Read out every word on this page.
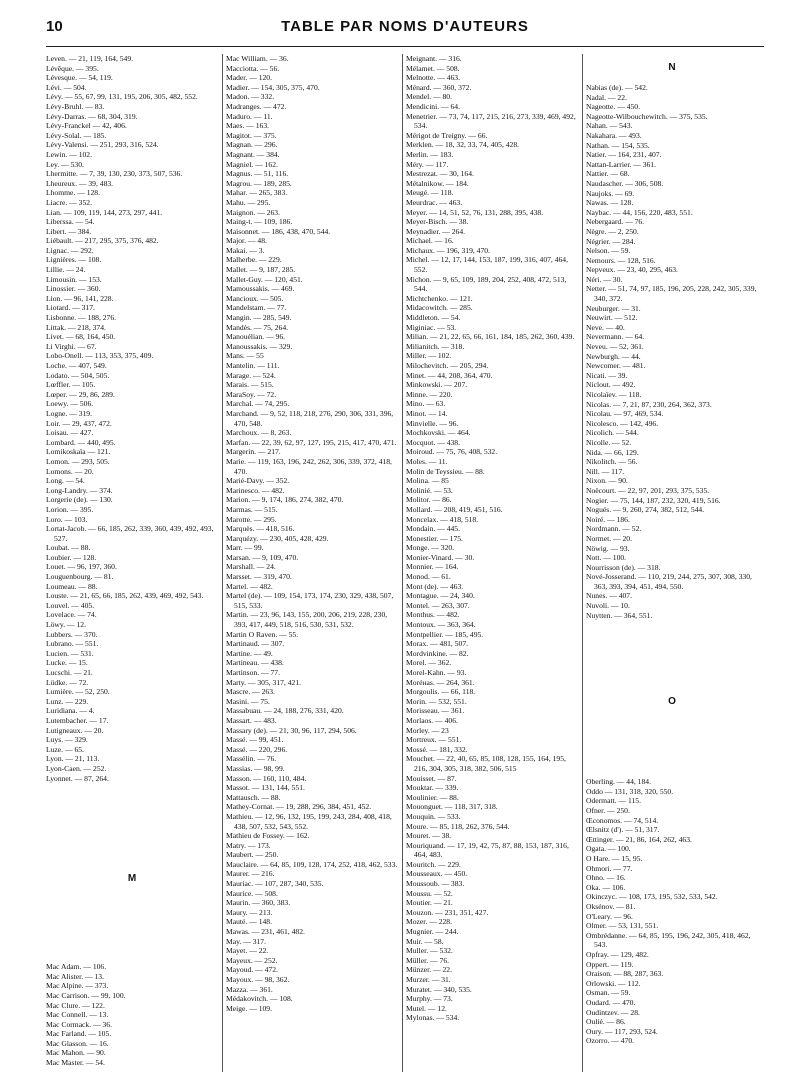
10	TABLE PAR NOMS D'AUTEURS
Leven. — 21, 119, 164, 549.
Lévêque. — 395.
Lévesque. — 54, 119.
Lévi. — 504.
Lévy. — 55, 67, 99, 131, 195, 206, 305, 482, 552.
Lévy-Bruhl. — 83.
Lévy-Darras. — 68, 304, 319.
Lévy-Franckel — 42, 406.
Lévy-Solal. — 185.
Lévy-Valensi. — 251, 293, 316, 524.
Lewin. — 102.
Ley. — 530.
Lhermitte. — 7, 39, 130, 230, 373, 507, 536.
Lheureux. — 39, 483.
Lhomme. — 128.
Liacre. — 352.
Lian. — 109, 119, 144, 273, 297, 441.
Liberssa. — 54.
Libert. — 384.
Liébault. — 217, 295, 375, 376, 482.
Lignac. — 292.
Lignières. — 108.
Lillie. — 24.
Limousin. — 153.
Linossier. — 360.
Lion. — 96, 141, 228.
Liotard. — 317.
Lisbonne. — 188, 276.
Littak. — 218, 374.
Livet. — 68, 164, 450.
Li Virghi. — 67.
Lobo-Onell. — 113, 353, 375, 409.
Loche. — 407, 549.
Lodato. — 504, 505.
Lœffler. — 105.
Lœper. — 29, 86, 289.
Loewy. — 506.
Logne. — 319.
Loir. — 29, 437, 472.
Loisau. — 427.
Lombard. — 440, 495.
Lomikoskaïa — 121.
Lomon. — 293, 505.
Lomons. — 20.
Long. — 54.
Long-Landry. — 374.
Lorgerie (de). — 130.
Lorion. — 395.
Loro. — 103.
Lortat-Jacob. — 66, 185, 262, 339, 360, 439, 492, 493, 527.
Loubat. — 88.
Loubier. — 128.
Louet. — 96, 197, 360.
Louguenbourg. — 81.
Loumeau. — 88.
Louste. — 21, 65, 66, 185, 262, 439, 469, 492, 543.
Louvel. — 405.
Lovelace. — 74.
Löwy. — 12.
Lubbers. — 370.
Lubrano. — 551.
Lucien. — 531.
Lucke. — 15.
Lucschi. — 21.
Lüdke. — 72.
Lumière. — 52, 250.
Lunz. — 229.
Luridiana. — 4.
Lutembacher. — 17.
Lutigneaux. — 20.
Luys. — 329.
Luze. — 65.
Lyon. — 21, 113.
Lyon-Caen. — 252.
Lyonnet. — 87, 264.
M
Mac Adam. — 106.
Mac Alister. — 13.
Mac Alpine. — 373.
Mac Carrison. — 99, 100.
Mac Clure. — 122.
Mac Connell. — 13.
Mac Cormack. — 36.
Mac Farland. — 105.
Mac Glasson. — 16.
Mac Mahon. — 90.
Mac Master. — 54.
Mac William. — 36.
Macciotta. — 56.
Mader. — 120.
Madier. — 154, 305, 375, 470.
Madon. — 332.
Madranges. — 472.
Maduro. — 11.
Maes. — 163.
Magitot. — 375.
Magnan. — 296.
Magnant. — 384.
Magniel. — 162.
Magnus. — 51, 116.
Magrou. — 189, 285.
Mahar. — 265, 383.
Mahu. — 295.
Maignon. — 263.
Maing-t. — 109, 186.
Maisonnet. — 186, 438, 470, 544.
Major. — 48.
Makai. — 3.
Malherbe. — 229.
Mallet. — 9, 187, 285.
Mallet-Guy. — 120, 451.
Mamoussakis. — 469.
Mancioux. — 505.
Mandelstam. — 77.
Mangin. — 285, 549.
Mandès. — 75, 264.
Manouélian. — 96.
Manoussakis. — 329.
Mans. — 55
Mantelin. — 111.
Marage. — 524.
Marais. — 515.
MaraSoy. — 72.
Marchal. — 74, 295.
Marchand. — 9, 52, 118, 218, 276, 290, 306, 331, 396, 470, 548.
Marchoux. — 8, 263.
Marfan. — 22, 39, 62, 97, 127, 195, 215, 417, 470, 471.
Margerin. — 217.
Marie. — 119, 163, 196, 242, 262, 306, 339, 372, 418, 470.
Marié-Davy. — 352.
Marinesco. — 482.
Marion. — 9, 174, 186, 274, 382, 470.
Marmas. — 515.
Marotte. — 295.
Marquès. — 418, 516.
Marquézy. — 230, 405, 428, 429.
Marr. — 99.
Marsan. — 9, 109, 470.
Marshall. — 24.
Marsset. — 319, 470.
Martel. — 482.
Martel (de). — 109, 154, 173, 174, 230, 329, 438, 507, 515, 533.
Martin. — 23, 96, 143, 155, 200, 206, 219, 228, 230, 393, 417, 449, 518, 516, 530, 531, 532.
Martin O Raven. — 55.
Martinaud. — 307.
Martine. — 49.
Martineau. — 438.
Martinson. — 77.
Marty. — 305, 317, 421.
Mascre. — 263.
Masini. — 75.
Massabuau. — 24, 188, 276, 331, 420.
Massart. — 483.
Massary (de). — 21, 30, 96, 117, 294, 506.
Massé. — 99, 451.
Massé. — 220, 296.
Massélin. — 76.
Massias. — 98, 99.
Masson. — 160, 110, 484.
Massot. — 131, 144, 551.
Mattausch. — 88.
Mathey-Cornat. — 19, 288, 296, 384, 451, 452.
Mathieu. — 12, 96, 132, 195, 199, 243, 284, 408, 418, 438, 507, 532, 543, 552.
Mathieu de Fossey. — 162.
Matry. — 173.
Maubert. — 250.
Mauclaire. — 64, 85, 109, 128, 174, 252, 418, 462, 533.
Maurer. — 216.
Mauriac. — 107, 287, 340, 535.
Maurice. — 508.
Maurin. — 360, 383.
Maury. — 213.
Mauté. — 148.
Mawas. — 231, 461, 482.
May. — 317.
Mayet. — 22.
Mayeux. — 252.
Mayoud. — 472.
Mayoux. — 98, 362.
Mazza. — 361.
Médakovitch. — 108.
Meige. — 109.
Meignant. — 316.
Mélamet. — 508.
Melnotte. — 463.
Ménard. — 360, 372.
Mendel. — 80.
Mendicini. — 64.
Menetrier. — 73, 74, 117, 215, 216, 273, 339, 469, 492, 534.
Mérigot de Treigny. — 66.
Merklen. — 18, 32, 33, 74, 405, 428.
Merlin. — 183.
Méry. — 117.
Mestrezat. — 30, 164.
Métalnikow. — 184.
Meugé. — 118.
Meurdrac. — 463.
Meyer. — 14, 51, 52, 76, 131, 288, 395, 438.
Meyer-Bisch. — 38.
Meynadier. — 264.
Michael. — 16.
Michaux. — 196, 319, 470.
Michel. — 12, 17, 144, 153, 187, 199, 316, 407, 464, 552.
Michon. — 9, 65, 109, 189, 204, 252, 408, 472, 513, 544.
Michtchenko. — 121.
Midacowitch. — 285.
Middleton. — 54.
Miginiac. — 53.
Milian. — 21, 22, 65, 66, 161, 184, 185, 262, 360, 439.
Milianitch. — 318.
Miller. — 102.
Milochevitch. — 205, 294.
Minet. — 44, 208, 364, 470.
Minkowski. — 207.
Minne. — 220.
Mino. — 63.
Minot. — 14.
Minvielle. — 96.
Mochkovski. — 464.
Mocquot. — 438.
Moiroud. — 75, 76, 408, 532.
Moles. — 11.
Molin de Teyssieu. — 88.
Molina. — 85
Molinié. — 53.
Molitor. — 86.
Mollard. — 208, 419, 451, 516.
Moncelax. — 418, 518.
Mondain. — 445.
Monestier. — 175.
Monge. — 320.
Monier-Vinard. — 30.
Monnier. — 164.
Monod. — 61.
Mont (de). — 463.
Montague. — 24, 340.
Montel. — 263, 307.
Monthus. — 482.
Montoux. — 363, 364.
Montpellier. — 185, 495.
Morax. — 481, 507.
Mordvinkine. — 82.
Morel. — 362.
Morel-Kahn. — 93.
Moréнas. — 264, 361.
Morgoulis. — 66, 118.
Morin. — 532, 551.
Morisseau. — 361.
Morlaos. — 406.
Morley. — 23
Mortreux. — 551.
Mossé. — 181, 332.
Mouchet. — 22, 40, 65, 85, 108, 128, 155, 164, 195, 216, 304, 305, 318, 382, 506, 515
Mouisset. — 87.
Mouktar. — 339.
Moulinier. — 88.
Mouonguet. — 118, 317, 318.
Mouquin. — 533.
Moure. — 85, 118, 262, 376, 544.
Mouret. — 38.
Mouriquand. — 17, 19, 42, 75, 87, 88, 153, 187, 316, 464, 483.
Mouritch. — 229.
Mousseaux. — 450.
Moussoub. — 383.
Moussu. — 52.
Moutier. — 21.
Mouzon. — 231, 351, 427.
Mozer. — 228.
Mugnier. — 244.
Muir. — 58.
Muller. — 532.
Müller. — 76.
Münzer. — 22.
Murzer. — 31.
Muratet. — 340, 535.
Murphy. — 73.
Mutel. — 12.
Mylonas. — 534.
N
Nabias (de). — 542.
Nadal. — 22.
Nageotte. — 450.
Nageotte-Wilbouchewitch. — 375, 535.
Nahan. — 543.
Nakahara. — 493.
Nathan. — 154, 535.
Natier. — 164, 231, 407.
Nattan-Larrier. — 361.
Nattier. — 68.
Naudascher. — 306, 508.
Naujoks. — 69.
Nawas. — 128.
Naybac. — 44, 156, 220, 483, 551.
Nebergaard. — 76.
Nègre. — 2, 250.
Négrier. — 284.
Nelson. — 59.
Nemours. — 128, 516.
Nepveux. — 23, 40, 295, 463.
Néri. — 30.
Netter. — 51, 74, 97, 185, 196, 205, 228, 242, 305, 339, 340, 372.
Neuburger. — 31.
Neuwirt. — 512.
Neve. — 40.
Nevermann. — 64.
Neveu. — 52, 361.
Newburgh. — 44.
Newcomer. — 481.
Nicati. — 39.
Niclout. — 492.
Nicolaïev. — 118.
Nicolas. — 7, 21, 87, 230, 264, 362, 373.
Nicolau. — 97, 469, 534.
Nicolesco. — 142, 496.
Nicolich. — 544.
Nicolle. — 52.
Nida. — 66, 129.
Nikolitch. — 56.
Nill. — 117.
Nixon. — 90.
Noëcourt. — 22, 97, 201, 293, 375, 535.
Nogier. — 75, 144, 187, 232, 320, 419, 516.
Nogués. — 9, 260, 274, 382, 512, 544.
Noiré. — 186.
Nordmann. — 52.
Normet. — 20.
Nöwig. — 93.
Nott. — 100.
Nourrisson (de). — 318.
Nové-Josserand. — 110, 219, 244, 275, 307, 308, 330, 363, 393, 394, 451, 494, 550.
Nunes. — 407.
Nuvoli. — 10.
Nuytten. — 364, 551.
O
Oberling. — 44, 184.
Oddo — 131, 318, 320, 550.
Odermatt. — 115.
Ofner. — 250.
Œconomos. — 74, 514.
Œlsnitz (d'). — 51, 317.
Œttinger. — 21, 86, 164, 262, 463.
Ogata. — 100.
O Hare. — 15, 95.
Ohmori. — 77.
Ohno. — 16.
Oka. — 106.
Okinczyc. — 108, 173, 195, 532, 533, 542.
Oksénov. — 81.
O'Leary. — 96.
Olmer. — 53, 131, 551.
Ombrédanne. — 64, 85, 195, 196, 242, 305, 418, 462, 543.
Opfray. — 129, 482.
Oppert. — 119.
Oraison. — 88, 287, 363.
Orlowski. — 112.
Osman. — 59.
Oudard. — 470.
Oudintzev. — 28.
Oulié. — 86.
Oury. — 117, 293, 524.
Ozorro. — 470.
